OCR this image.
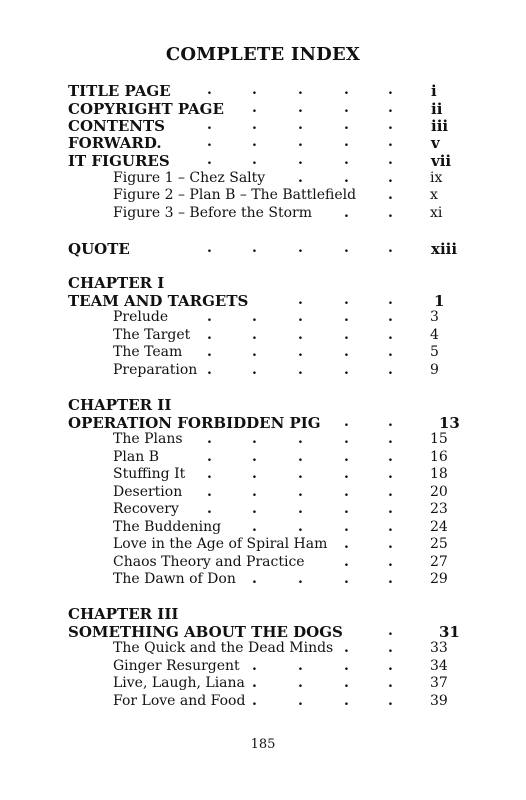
COMPLETE INDEX
TITLE PAGE	.	.	.	.	.	i
COPYRIGHT PAGE .	.	.	.	ii
CONTENTS	.	.	.	.	.	iii
FORWARD.	.	.	.	.	.	v
IT FIGURES	.	.	.	.	.	vii
Figure 1 – Chez Salty .	.	.	ix
Figure 2 – Plan B – The Battlefield .	x
Figure 3 – Before the Storm .	.	xi
QUOTE	.	.	.	.	.	xiii
CHAPTER I
TEAM AND TARGETS	.	.	.	1
Prelude	.	.	.	.	.	3
The Target .	.	.	.	.	4
The Team .	.	.	.	.	5
Preparation .	.	.	.	.	9
CHAPTER II
OPERATION FORBIDDEN PIG .	.	13
The Plans .	.	.	.	.	15
Plan B	.	.	.	.	.	16
Stuffing It .	.	.	.	.	18
Desertion .	.	.	.	.	20
Recovery .	.	.	.	.	23
The Buddening .	.	.	.	24
Love in the Age of Spiral Ham .	.	25
Chaos Theory and Practice	.	.	27
The Dawn of Don .	.	.	.	29
CHAPTER III
SOMETHING ABOUT THE DOGS	.	31
The Quick and the Dead Minds .	.	33
Ginger Resurgent .	.	.	.	34
Live, Laugh, Liana .	.	.	.	37
For Love and Food .	.	.	.	39
185
